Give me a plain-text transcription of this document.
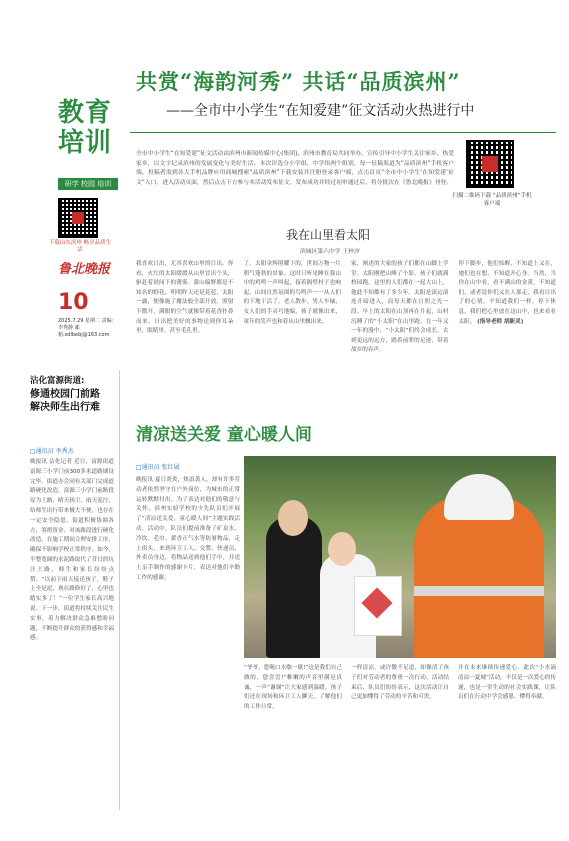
教育培训
研学 校园 培训
下载山东滨州 畅享品质生活
鲁北晚报
10
2025.7.29 星期二 责编:李秀静 邮箱:sdlbebj@163.com
沾化富源街道:
修通校园门前路 解决师生出行难
□通讯员 李秀杰
晚报讯 沾化记者 近日，富源街道富源三小学门前300多米道路铺设完毕。街道办会同有关部门完成道路硬化改造。富源三小学门前路段原为土路，晴天扬尘、雨天泥泞，给师生出行带来极大不便，也存在一定安全隐患。街道积极协调各方，筹措资金，对该路段进行硬化改造，在施工期间合理安排工序，确保不影响学校正常秩序。如今，平整宽阔的水泥路取代了昔日的坑洼土路，师生和家长纷纷点赞。“以前下雨天接送孩子，鞋子上全是泥，现在路修好了，心里也踏实多了！”一位学生家长高兴地说。下一步，街道将持续关注民生实事，着力解决群众急难愁盼问题，不断提升群众的获得感和幸福感。
共赏“海韵河秀” 共话“品质滨州”
——全市中小学生“在知爱建”征文活动火热进行中
全市中小学生“在知爱建”征文活动由滨州市新闻传媒中心(集团)、滨州市教育局共同举办，宣传引导中小学生关注家乡、热爱家乡，以文字记录滨州的发展变化与美好生活。本次评选分小学组、中学组两个组别，每一征稿渠道为“品质滨州”手机客户端，投稿者需到各大手机品牌应用商城搜索“品质滨州”下载安装并注册登录客户端，点击首页“全市中小学生‘在知爱建’征文”入口，进入活动页面，然后点击下方参与本活动发布征文。发布成功并经过初审通过后，将分批次在《鲁北晚报》刊登。
扫描二维码下载 “品质滨州”手机客户端
我在山里看太阳
滨城区第六中学 王梓汐
我喜欢日出，尤其喜欢山里的日出。你看，火红的太阳缓缓从山里冒出个头，驱赶着晨间下的薄雾。蒲山偏野都是不知名的野花，明明昨天还是花苞，太阳一露，便像施了魔法般全部开放。照射下微开，满眼的空气就像带着花香扑鼻而来，日出把美好的事物送到你耳朵里，眼睛里，甚至毛孔里。
了。太阳金辉照耀下的，世间万物一片朝气蓬勃的景象。这时只听见睡在我山中的鸡鸣一声叫起，接着隔壁村子也响起，山间自然氛围的鸟鸣声一一从人们的下地干活了。老人散步，男人车轴，女人们的手灵巧地编，孩子就像出来，童年的笑声也和着从山里飘出来。
家，阐述的大家的孩子们都在山脚上学堂。太阳刚把山峰了个影，孩子们就满校园跑。这里的人们都在一起大山上，他此不知都有了多少年。太阳是滚远滚连开暗进入，而每天都在日照之光一段。早上的太阳在山顶再在升起，山村沉睡了的“小太阳”在山里跑。在一年又一年的漫中，“小太阳”们终会成长，去到更远的远方，踏着前辈的足迹，带着故乡的吞声。
停下脚步，他们惊醒，不知道上又在，她们也在想，不知道开心身。当然，当你在山中看，看不满山的金黄，不知道们，或者说你们又在人那走，我看日出了的心情，不知道我们一样，停下休息，我们把心里放在这山中，也来看看太阳。 (指导老师 胡新灵)
清凉送关爱 童心暖人间
□通讯员 张红展
晚报讯 夏日炎炎，热浪袭人，却有许多劳动者依然坚守在户外岗位，为城市的正常运转默默付出。为了表达对他们的敬意与关怀，滨州实验学校的少先队员们开展了“清凉送关爱，童心暖人间”主题实践活动。活动中，队员们提前准备了矿泉水、冷饮、毛巾、藿香正气水等防暑物品，走上街头，来到环卫工人、交警、快递员、外卖员身边，将物品送到他们手中，并送上亲手制作的感谢卡片，表达对他们辛勤工作的感谢。
“爷爷，您喝口水歇一歇!”这是我们自己做的，您尝尝!”稚嫩的声音里满是真诚，一声“谢谢”让大家感到温暖。孩子们还在现场和环卫工人聊天，了解他们的工作日常。
一样清凉，或许微不足道，却像清了孩子们对劳动者的尊重一次行动。活动结束后，队员们纷纷表示，这次活动让自己更加懂得了劳动的辛苦和可贵。
并在未来继续传递爱心。此次“小水滴 清凉一夏城”活动，不仅是一次爱心的传递，也是一堂生动的社会实践课，让队员们在行动中学会感恩、懂得奉献。
